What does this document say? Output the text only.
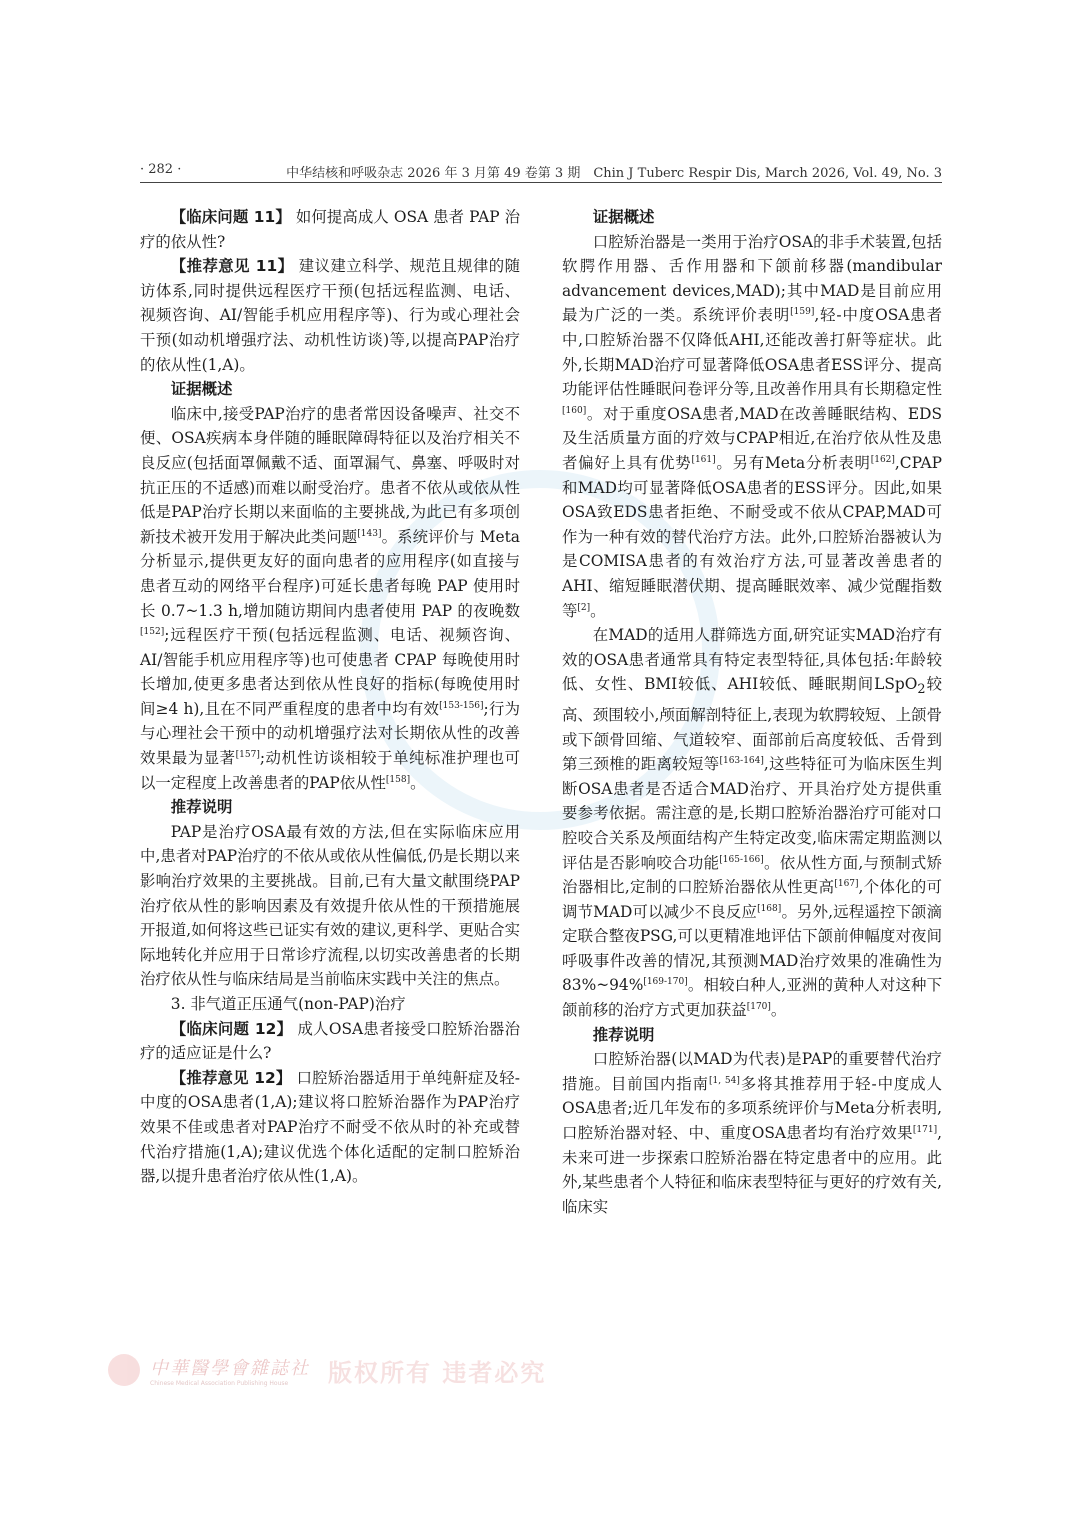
· 282 ·	中华结核和呼吸杂志 2026 年 3 月第 49 卷第 3 期　Chin J Tuberc Respir Dis, March 2026, Vol. 49, No. 3

【临床问题 11】 如何提高成人 OSA 患者 PAP 治疗的依从性?

【推荐意见 11】 建议建立科学、规范且规律的随访体系,同时提供远程医疗干预(包括远程监测、电话、视频咨询、AI/智能手机应用程序等)、行为或心理社会干预(如动机增强疗法、动机性访谈)等,以提高PAP治疗的依从性(1,A)。

证据概述

临床中,接受PAP治疗的患者常因设备噪声、社交不便、OSA疾病本身伴随的睡眠障碍特征以及治疗相关不良反应(包括面罩佩戴不适、面罩漏气、鼻塞、呼吸时对抗正压的不适感)而难以耐受治疗。患者不依从或依从性低是PAP治疗长期以来面临的主要挑战,为此已有多项创新技术被开发用于解决此类问题[143]。系统评价与 Meta 分析显示,提供更友好的面向患者的应用程序(如直接与患者互动的网络平台程序)可延长患者每晚 PAP 使用时长 0.7~1.3 h,增加随访期间内患者使用 PAP 的夜晚数[152];远程医疗干预(包括远程监测、电话、视频咨询、AI/智能手机应用程序等)也可使患者 CPAP 每晚使用时长增加,使更多患者达到依从性良好的指标(每晚使用时间≥4 h),且在不同严重程度的患者中均有效[153-156];行为与心理社会干预中的动机增强疗法对长期依从性的改善效果最为显著[157];动机性访谈相较于单纯标准护理也可以一定程度上改善患者的PAP依从性[158]。

推荐说明

PAP是治疗OSA最有效的方法,但在实际临床应用中,患者对PAP治疗的不依从或依从性偏低,仍是长期以来影响治疗效果的主要挑战。目前,已有大量文献围绕PAP治疗依从性的影响因素及有效提升依从性的干预措施展开报道,如何将这些已证实有效的建议,更科学、更贴合实际地转化并应用于日常诊疗流程,以切实改善患者的长期治疗依从性与临床结局是当前临床实践中关注的焦点。

3. 非气道正压通气(non-PAP)治疗

【临床问题 12】 成人OSA患者接受口腔矫治器治疗的适应证是什么?

【推荐意见 12】 口腔矫治器适用于单纯鼾症及轻-中度的OSA患者(1,A);建议将口腔矫治器作为PAP治疗效果不佳或患者对PAP治疗不耐受不依从时的补充或替代治疗措施(1,A);建议优选个体化适配的定制口腔矫治器,以提升患者治疗依从性(1,A)。

证据概述

口腔矫治器是一类用于治疗OSA的非手术装置,包括软腭作用器、舌作用器和下颌前移器(mandibular advancement devices,MAD);其中MAD是目前应用最为广泛的一类。系统评价表明[159],轻-中度OSA患者中,口腔矫治器不仅降低AHI,还能改善打鼾等症状。此外,长期MAD治疗可显著降低OSA患者ESS评分、提高功能评估性睡眠问卷评分等,且改善作用具有长期稳定性[160]。对于重度OSA患者,MAD在改善睡眠结构、EDS及生活质量方面的疗效与CPAP相近,在治疗依从性及患者偏好上具有优势[161]。另有Meta分析表明[162],CPAP和MAD均可显著降低OSA患者的ESS评分。因此,如果OSA致EDS患者拒绝、不耐受或不依从CPAP,MAD可作为一种有效的替代治疗方法。此外,口腔矫治器被认为是COMISA患者的有效治疗方法,可显著改善患者的AHI、缩短睡眠潜伏期、提高睡眠效率、减少觉醒指数等[2]。

在MAD的适用人群筛选方面,研究证实MAD治疗有效的OSA患者通常具有特定表型特征,具体包括:年龄较低、女性、BMI较低、AHI较低、睡眠期间LSpO$_2$较高、颈围较小,颅面解剖特征上,表现为软腭较短、上颌骨或下颌骨回缩、气道较窄、面部前后高度较低、舌骨到第三颈椎的距离较短等[163-164],这些特征可为临床医生判断OSA患者是否适合MAD治疗、开具治疗处方提供重要参考依据。需注意的是,长期口腔矫治器治疗可能对口腔咬合关系及颅面结构产生特定改变,临床需定期监测以评估是否影响咬合功能[165-166]。依从性方面,与预制式矫治器相比,定制的口腔矫治器依从性更高[167],个体化的可调节MAD可以减少不良反应[168]。另外,远程遥控下颌滴定联合整夜PSG,可以更精准地评估下颌前伸幅度对夜间呼吸事件改善的情况,其预测MAD治疗效果的准确性为83%~94%[169-170]。相较白种人,亚洲的黄种人对这种下颌前移的治疗方式更加获益[170]。

推荐说明

口腔矫治器(以MAD为代表)是PAP的重要替代治疗措施。目前国内指南[1, 54]多将其推荐用于轻-中度成人OSA患者;近几年发布的多项系统评价与Meta分析表明,口腔矫治器对轻、中、重度OSA患者均有治疗效果[171],未来可进一步探索口腔矫治器在特定患者中的应用。此外,某些患者个人特征和临床表型特征与更好的疗效有关,临床实

中華醫學會雜誌社
Chinese Medical Association Publishing House	版权所有 违者必究
